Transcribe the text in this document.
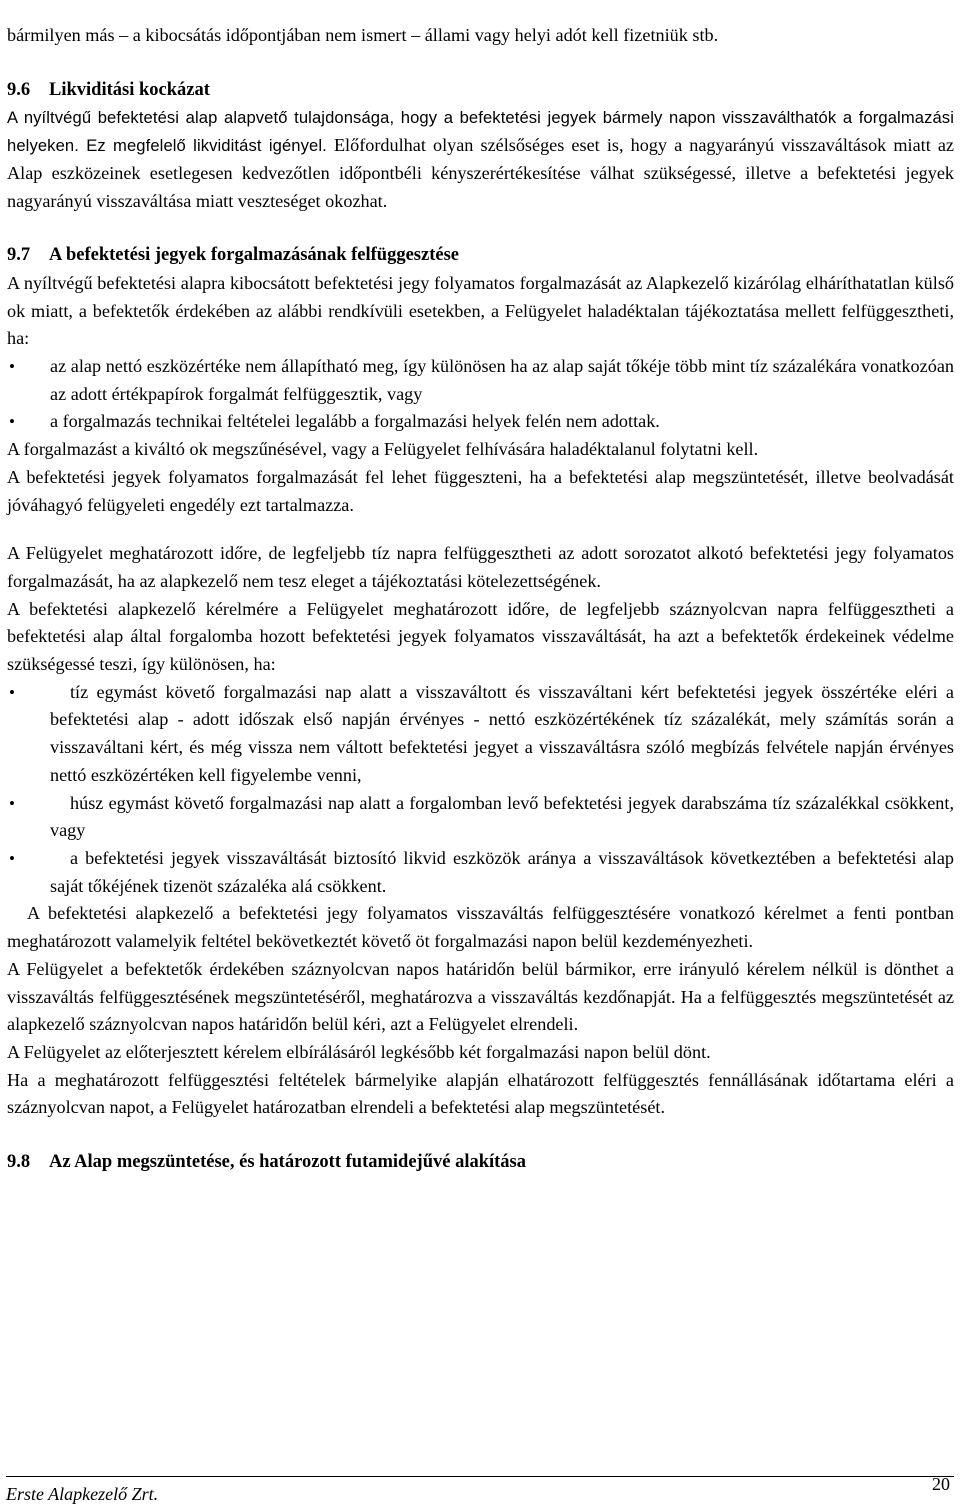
bármilyen más – a kibocsátás időpontjában nem ismert – állami vagy helyi adót kell fizetniük stb.

9.6 Likviditási kockázat

A nyíltvégű befektetési alap alapvető tulajdonsága, hogy a befektetési jegyek bármely napon visszaválthatók a forgalmazási helyeken. Ez megfelelő likviditást igényel. Előfordulhat olyan szélsőséges eset is, hogy a nagyarányú visszaváltások miatt az Alap eszközeinek esetlegesen kedvezőtlen időpontbéli kényszerértékesítése válhat szükségessé, illetve a befektetési jegyek nagyarányú visszaváltása miatt veszteséget okozhat.

9.7 A befektetési jegyek forgalmazásának felfüggesztése

A nyíltvégű befektetési alapra kibocsátott befektetési jegy folyamatos forgalmazását az Alapkezelő kizárólag elháríthatatlan külső ok miatt, a befektetők érdekében az alábbi rendkívüli esetekben, a Felügyelet haladéktalan tájékoztatása mellett felfüggesztheti, ha:

• az alap nettó eszközértéke nem állapítható meg, így különösen ha az alap saját tőkéje több mint tíz százalékára vonatkozóan az adott értékpapírok forgalmát felfüggesztik, vagy
• a forgalmazás technikai feltételei legalább a forgalmazási helyek felén nem adottak.

A forgalmazást a kiváltó ok megszűnésével, vagy a Felügyelet felhívására haladéktalanul folytatni kell.

A befektetési jegyek folyamatos forgalmazását fel lehet függeszteni, ha a befektetési alap megszüntetését, illetve beolvadását jóváhagyó felügyeleti engedély ezt tartalmazza.

A Felügyelet meghatározott időre, de legfeljebb tíz napra felfüggesztheti az adott sorozatot alkotó befektetési jegy folyamatos forgalmazását, ha az alapkezelő nem tesz eleget a tájékoztatási kötelezettségének.

A befektetési alapkezelő kérelmére a Felügyelet meghatározott időre, de legfeljebb száznyolcvan napra felfüggesztheti a befektetési alap által forgalomba hozott befektetési jegyek folyamatos visszaváltását, ha azt a befektetők érdekeinek védelme szükségessé teszi, így különösen, ha:

•	tíz egymást követő forgalmazási nap alatt a visszaváltott és visszaváltani kért befektetési jegyek összértéke eléri a befektetési alap - adott időszak első napján érvényes - nettó eszközértékének tíz százalékát, mely számítás során a visszaváltani kért, és még vissza nem váltott befektetési jegyet a visszaváltásra szóló megbízás felvétele napján érvényes nettó eszközértéken kell figyelembe venni,
•	húsz egymást követő forgalmazási nap alatt a forgalomban levő befektetési jegyek darabszáma tíz százalékkal csökkent, vagy
•	a befektetési jegyek visszaváltását biztosító likvid eszközök aránya a visszaváltások következtében a befektetési alap saját tőkéjének tizenöt százaléka alá csökkent.

A befektetési alapkezelő a befektetési jegy folyamatos visszaváltás felfüggesztésére vonatkozó kérelmet a fenti pontban meghatározott valamelyik feltétel bekövetkeztét követő öt forgalmazási napon belül kezdeményezheti.

A Felügyelet a befektetők érdekében száznyolcvan napos határidőn belül bármikor, erre irányuló kérelem nélkül is dönthet a visszaváltás felfüggesztésének megszüntetéséről, meghatározva a visszaváltás kezdőnapját. Ha a felfüggesztés megszüntetését az alapkezelő száznyolcvan napos határidőn belül kéri, azt a Felügyelet elrendeli.

A Felügyelet az előterjesztett kérelem elbírálásáról legkésőbb két forgalmazási napon belül dönt.

Ha a meghatározott felfüggesztési feltételek bármelyike alapján elhatározott felfüggesztés fennállásának időtartama eléri a száznyolcvan napot, a Felügyelet határozatban elrendeli a befektetési alap megszüntetését.

9.8 Az Alap megszüntetése, és határozott futamidejűvé alakítása
Erste Alapkezelő Zrt.	20
